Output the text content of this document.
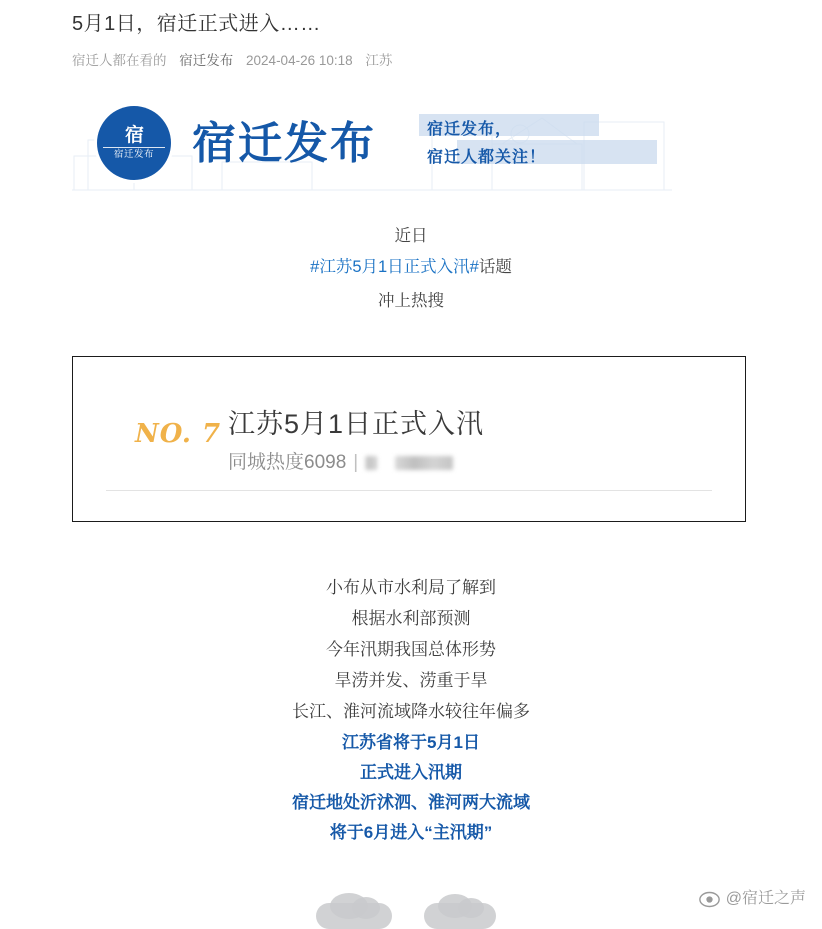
5月1日，宿迁正式进入……
宿迁人都在看的 宿迁发布 2024-04-26 10:18 江苏
宿
宿迁发布 宿迁发布	宿迁发布，
宿迁人都关注！
近日
#江苏5月1日正式入汛#话题
冲上热搜
NO. 7 江苏5月1日正式入汛
同城热度6098 |
小布从市水利局了解到
根据水利部预测
今年汛期我国总体形势
旱涝并发、涝重于旱
长江、淮河流域降水较往年偏多
江苏省将于5月1日
正式进入汛期
宿迁地处沂沭泗、淮河两大流域
将于6月进入“主汛期”
@宿迁之声
